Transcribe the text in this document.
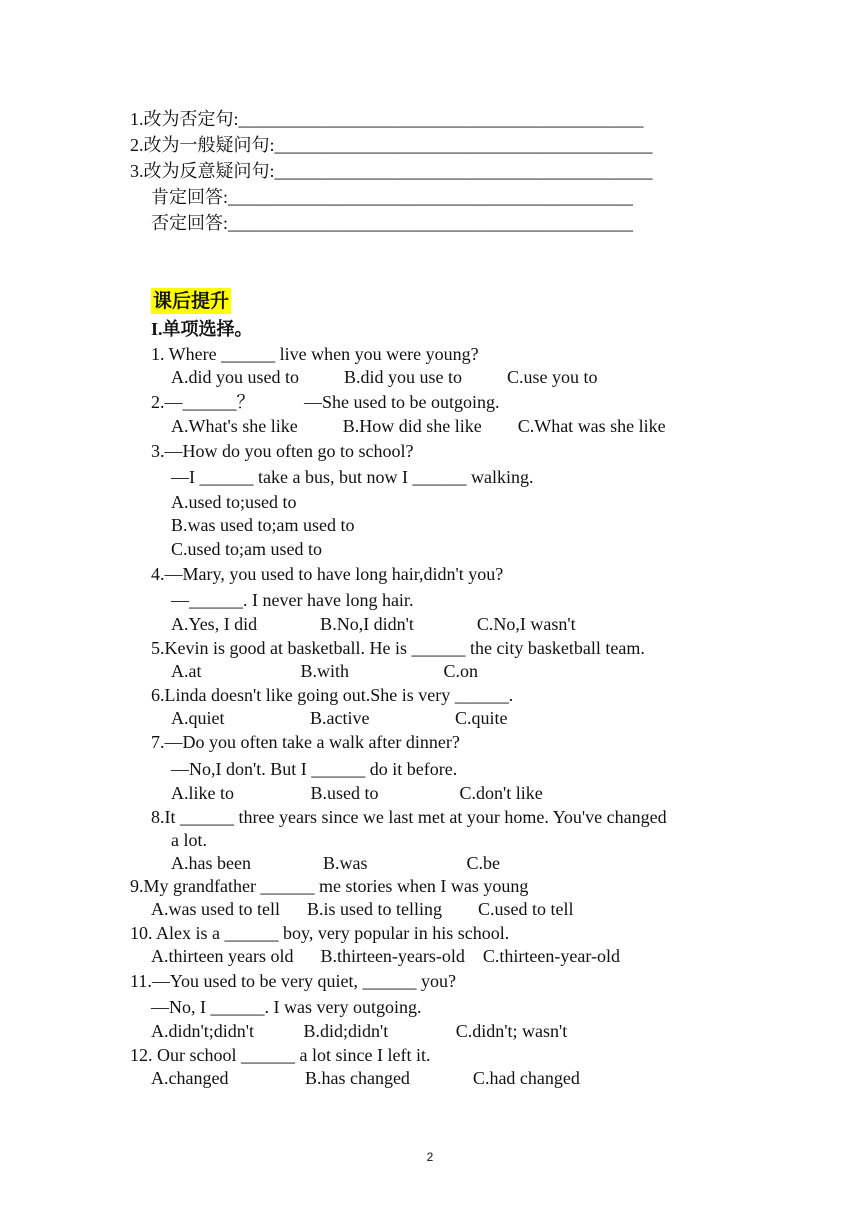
1.改为否定句:_____________________________________________
2.改为一般疑问句:__________________________________________
3.改为反意疑问句:__________________________________________
肯定回答:_____________________________________________
否定回答:_____________________________________________
课后提升
I.单项选择。
1. Where ______ live when you were young?
A.did you used to          B.did you use to          C.use you to
2.—______？           —She used to be outgoing.
A.What's she like          B.How did she like        C.What was she like
3.—How do you often go to school?
—I ______ take a bus, but now I ______ walking.
A.used to;used to
B.was used to;am used to
C.used to;am used to
4.—Mary, you used to have long hair,didn't you?
—______. I never have long hair.
A.Yes, I did              B.No,I didn't              C.No,I wasn't
5.Kevin is good at basketball. He is ______ the city basketball team.
A.at                      B.with                     C.on
6.Linda doesn't like going out.She is very ______.
A.quiet                   B.active                   C.quite
7.—Do you often take a walk after dinner?
—No,I don't. But I ______ do it before.
A.like to                 B.used to                  C.don't like
8.It ______ three years since we last met at your home. You've changed
a lot.
A.has been                B.was                      C.be
9.My grandfather ______ me stories when I was young
A.was used to tell      B.is used to telling        C.used to tell
10. Alex is a ______ boy, very popular in his school.
A.thirteen years old      B.thirteen-years-old    C.thirteen-year-old
11.—You used to be very quiet, ______ you?
—No, I ______. I was very outgoing.
A.didn't;didn't           B.did;didn't               C.didn't; wasn't
12. Our school ______ a lot since I left it.
A.changed                 B.has changed              C.had changed
2
